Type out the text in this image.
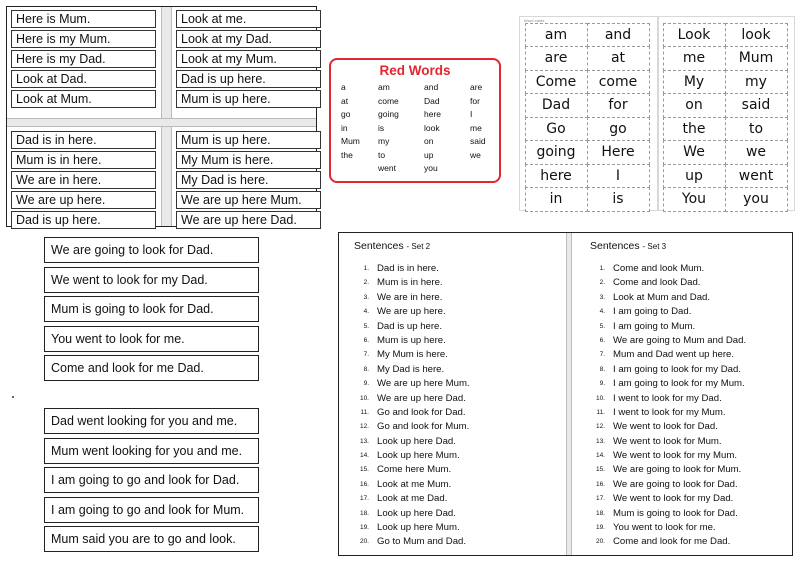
Here is Mum.
Here is my Mum.
Here is my Dad.
Look at Dad.
Look at Mum.
Look at me.
Look at my Dad.
Look at my Mum.
Dad is up here.
Mum is up here.
Dad is in here.
Mum is in here.
We are in here.
We are up here.
Dad is up here.
Mum is up here.
My Mum is here.
My Dad is here.
We are up here Mum.
We are up here Dad.
Red Words
a
at
go
in
Mum
the
am
come
going
is
my
to
went
and
Dad
here
look
on
up
you
are
for
I
me
said
we
Word cards
am	and
are	at
Come	come
Dad	for
Go	go
going	Here
here	I
in	is
Look	look
me	Mum
My	my
on	said
the	to
We	we
up	went
You	you
We are going to look for Dad.
We went to look for my Dad.
Mum is going to look for Dad.
You went to look for me.
Come and look for me Dad.
Dad went looking for you and me.
Mum went looking for you and me.
I am going to go and look for Dad.
I am going to go and look for Mum.
Mum said you are to go and look.
Sentences - Set 2
1. Dad is in here.
2. Mum is in here.
3. We are in here.
4. We are up here.
5. Dad is up here.
6. Mum is up here.
7. My Mum is here.
8. My Dad is here.
9. We are up here Mum.
10. We are up here Dad.
11. Go and look for Dad.
12. Go and look for Mum.
13. Look up here Dad.
14. Look up here Mum.
15. Come here Mum.
16. Look at me Mum.
17. Look at me Dad.
18. Look up here Dad.
19. Look up here Mum.
20. Go to Mum and Dad.
Sentences - Set 3
1. Come and look Mum.
2. Come and look Dad.
3. Look at Mum and Dad.
4. I am going to Dad.
5. I am going to Mum.
6. We are going to Mum and Dad.
7. Mum and Dad went up here.
8. I am going to look for my Dad.
9. I am going to look for my Mum.
10. I went to look for my Dad.
11. I went to look for my Mum.
12. We went to look for Dad.
13. We went to look for Mum.
14. We went to look for my Mum.
15. We are going to look for Mum.
16. We are going to look for Dad.
17. We went to look for my Dad.
18. Mum is going to look for Dad.
19. You went to look for me.
20. Come and look for me Dad.
